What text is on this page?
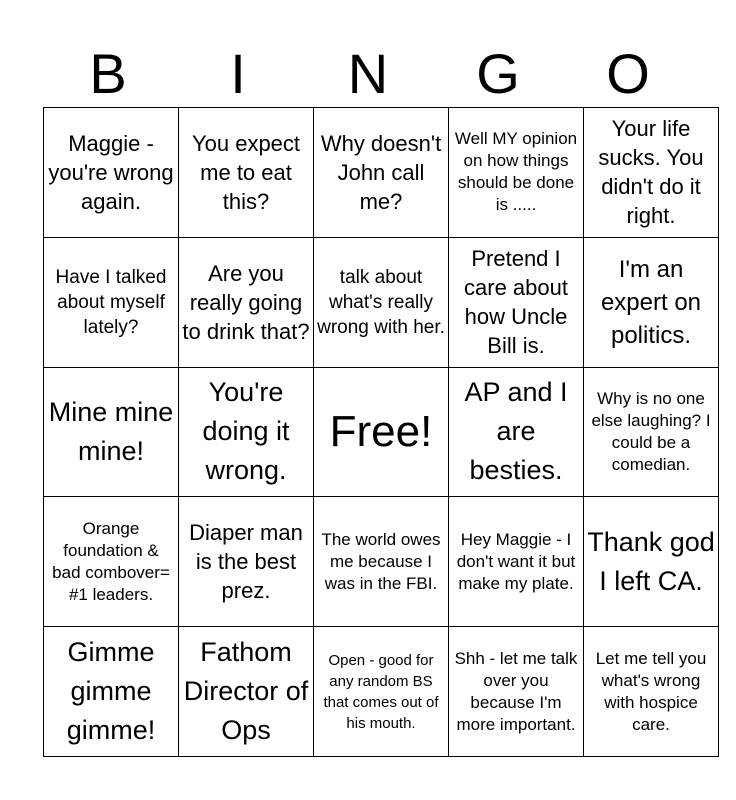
B	I	N	G	O
Maggie - you're wrong again.	You expect me to eat this?	Why doesn't John call me?	Well MY opinion on how things should be done is .....	Your life sucks. You didn't do it right.
Have I talked about myself lately?	Are you really going to drink that?	talk about what's really wrong with her.	Pretend I care about how Uncle Bill is.	I'm an expert on politics.
Mine mine mine!	You're doing it wrong.	Free!	AP and I are besties.	Why is no one else laughing? I could be a comedian.
Orange foundation & bad combover= #1 leaders.	Diaper man is the best prez.	The world owes me because I was in the FBI.	Hey Maggie - I don't want it but make my plate.	Thank god I left CA.
Gimme gimme gimme!	Fathom Director of Ops	Open - good for any random BS that comes out of his mouth.	Shh - let me talk over you because I'm more important.	Let me tell you what's wrong with hospice care.
